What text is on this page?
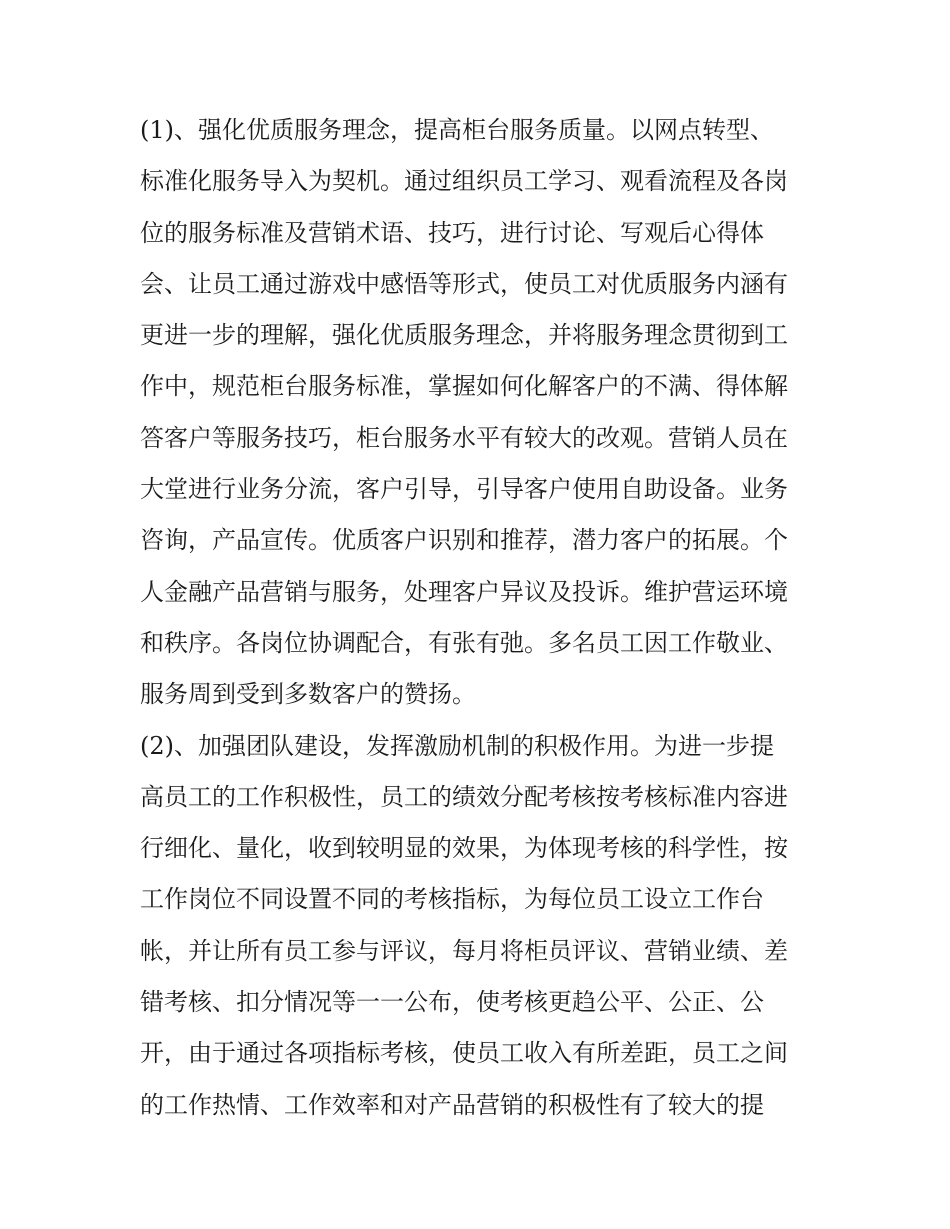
(1)、强化优质服务理念，提高柜台服务质量。以网点转型、
标准化服务导入为契机。通过组织员工学习、观看流程及各岗
位的服务标准及营销术语、技巧，进行讨论、写观后心得体
会、让员工通过游戏中感悟等形式，使员工对优质服务内涵有
更进一步的理解，强化优质服务理念，并将服务理念贯彻到工
作中，规范柜台服务标准，掌握如何化解客户的不满、得体解
答客户等服务技巧，柜台服务水平有较大的改观。营销人员在
大堂进行业务分流，客户引导，引导客户使用自助设备。业务
咨询，产品宣传。优质客户识别和推荐，潜力客户的拓展。个
人金融产品营销与服务，处理客户异议及投诉。维护营运环境
和秩序。各岗位协调配合，有张有弛。多名员工因工作敬业、
服务周到受到多数客户的赞扬。
(2)、加强团队建设，发挥激励机制的积极作用。为进一步提
高员工的工作积极性，员工的绩效分配考核按考核标准内容进
行细化、量化，收到较明显的效果，为体现考核的科学性，按
工作岗位不同设置不同的考核指标，为每位员工设立工作台
帐，并让所有员工参与评议，每月将柜员评议、营销业绩、差
错考核、扣分情况等一一公布，使考核更趋公平、公正、公
开，由于通过各项指标考核，使员工收入有所差距，员工之间
的工作热情、工作效率和对产品营销的积极性有了较大的提
